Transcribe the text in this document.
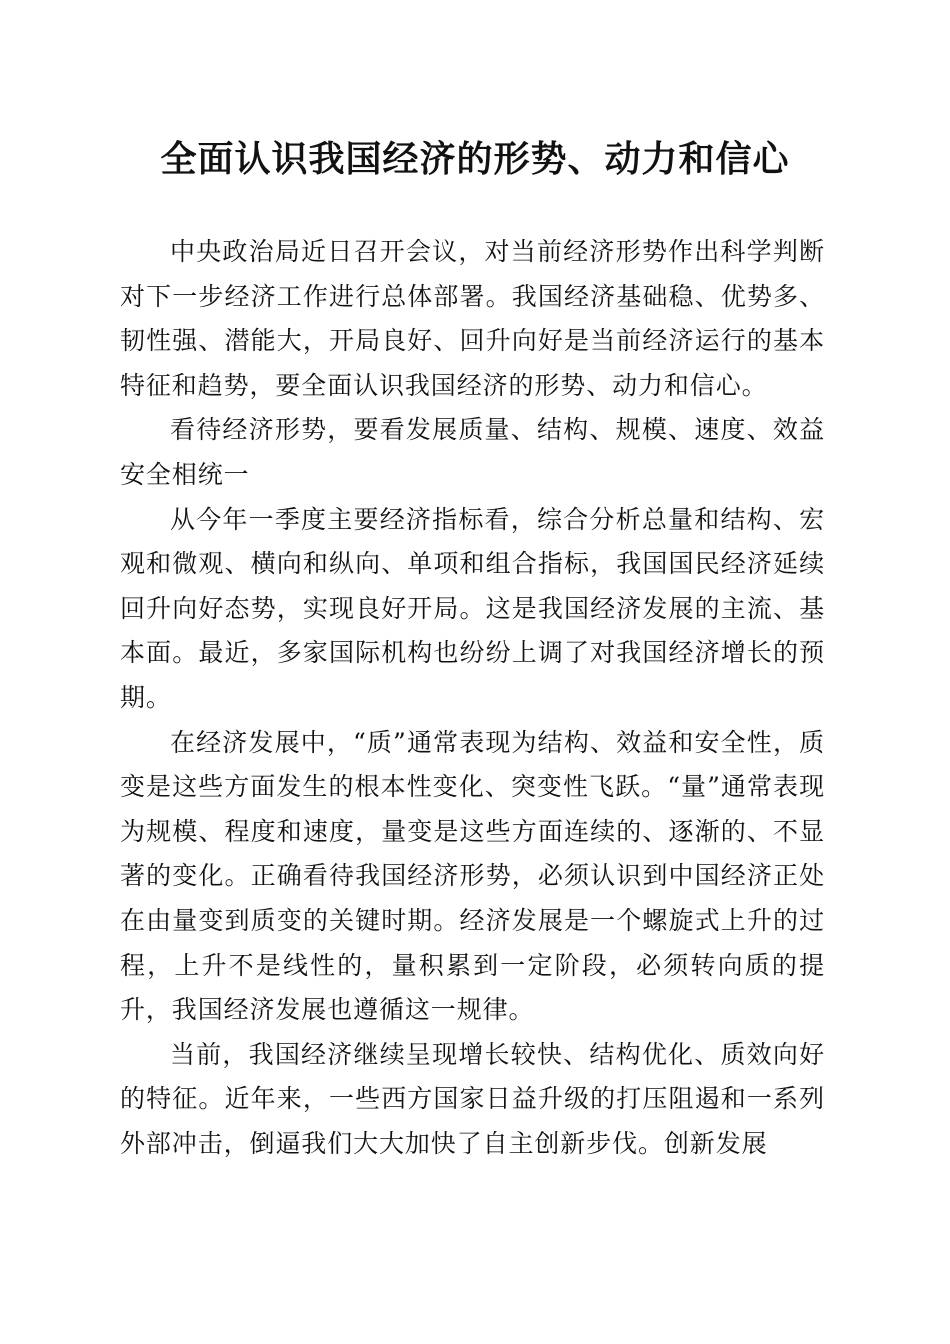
全面认识我国经济的形势、动力和信心

中央政治局近日召开会议，对当前经济形势作出科学判断对下一步经济工作进行总体部署。我国经济基础稳、优势多、韧性强、潜能大，开局良好、回升向好是当前经济运行的基本特征和趋势，要全面认识我国经济的形势、动力和信心。

看待经济形势，要看发展质量、结构、规模、速度、效益安全相统一

从今年一季度主要经济指标看，综合分析总量和结构、宏观和微观、横向和纵向、单项和组合指标，我国国民经济延续回升向好态势，实现良好开局。这是我国经济发展的主流、基本面。最近，多家国际机构也纷纷上调了对我国经济增长的预期。

在经济发展中，“质”通常表现为结构、效益和安全性，质变是这些方面发生的根本性变化、突变性飞跃。“量”通常表现为规模、程度和速度，量变是这些方面连续的、逐渐的、不显著的变化。正确看待我国经济形势，必须认识到中国经济正处在由量变到质变的关键时期。经济发展是一个螺旋式上升的过程，上升不是线性的，量积累到一定阶段，必须转向质的提升，我国经济发展也遵循这一规律。

当前，我国经济继续呈现增长较快、结构优化、质效向好的特征。近年来，一些西方国家日益升级的打压阻遏和一系列外部冲击，倒逼我们大大加快了自主创新步伐。创新发展
